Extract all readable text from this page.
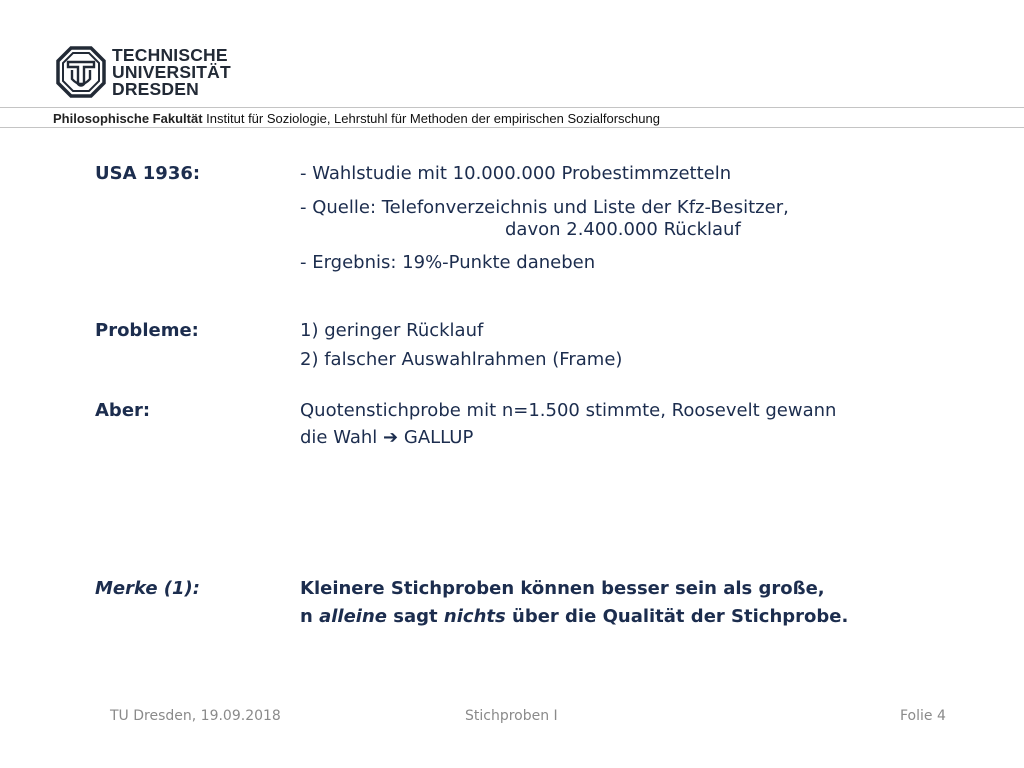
TECHNISCHE
UNIVERSITÄT
DRESDEN
Philosophische Fakultät Institut für Soziologie, Lehrstuhl für Methoden der empirischen Sozialforschung
USA 1936:	- Wahlstudie mit 10.000.000 Probestimmzetteln
- Quelle: Telefonverzeichnis und Liste der Kfz-Besitzer,
davon 2.400.000 Rücklauf
- Ergebnis: 19%-Punkte daneben
Probleme:	1) geringer Rücklauf
2) falscher Auswahlrahmen (Frame)
Aber:	Quotenstichprobe mit n=1.500 stimmte, Roosevelt gewann
die Wahl ➔ GALLUP
Merke (1):	Kleinere Stichproben können besser sein als große,
n alleine sagt nichts über die Qualität der Stichprobe.
TU Dresden, 19.09.2018	Stichproben I	Folie 4
